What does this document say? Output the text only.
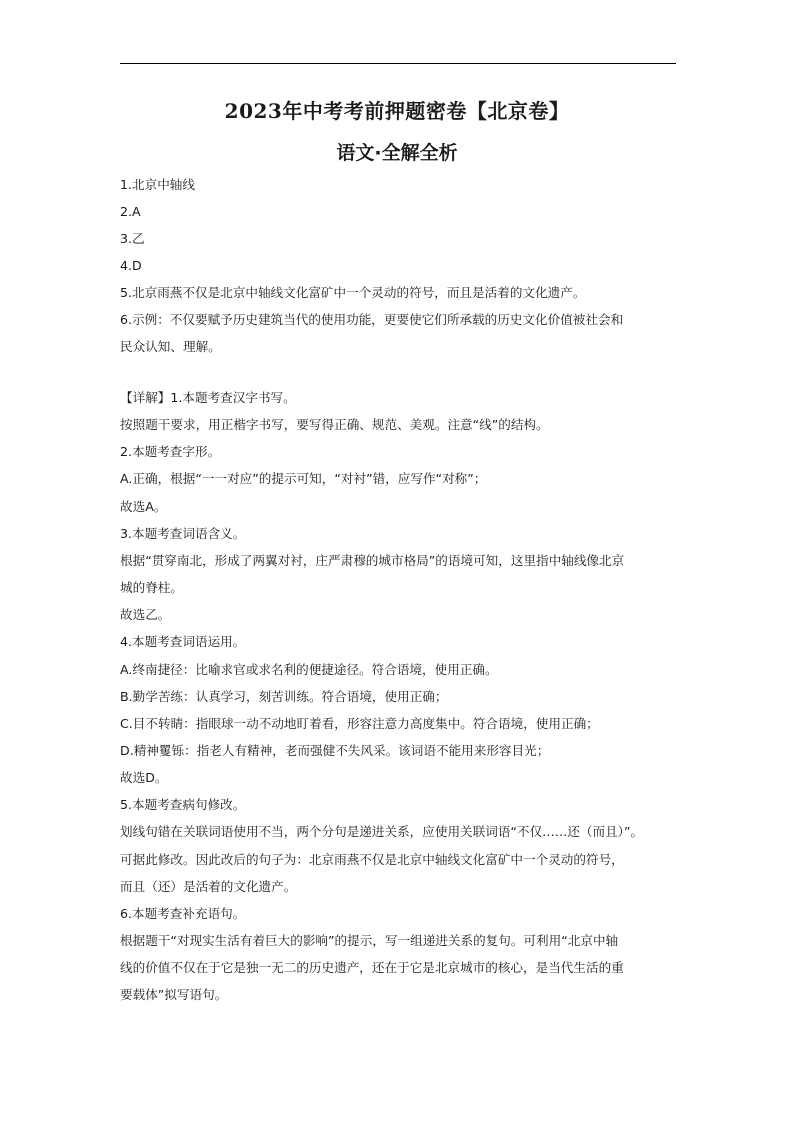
2023年中考考前押题密卷【北京卷】
语文·全解全析
1.北京中轴线
2.A
3.乙
4.D
5.北京雨燕不仅是北京中轴线文化富矿中一个灵动的符号，而且是活着的文化遗产。
6.示例：不仅要赋予历史建筑当代的使用功能，更要使它们所承载的历史文化价值被社会和
民众认知、理解。
【详解】1.本题考查汉字书写。
按照题干要求，用正楷字书写，要写得正确、规范、美观。注意“线”的结构。
2.本题考查字形。
A.正确，根据“一一对应”的提示可知，“对衬”错，应写作“对称”；
故选A。
3.本题考查词语含义。
根据“贯穿南北，形成了两翼对衬，庄严肃穆的城市格局”的语境可知，这里指中轴线像北京
城的脊柱。
故选乙。
4.本题考查词语运用。
A.终南捷径：比喻求官或求名利的便捷途径。符合语境，使用正确。
B.勤学苦练：认真学习，刻苦训练。符合语境，使用正确；
C.目不转睛：指眼球一动不动地盯着看，形容注意力高度集中。符合语境，使用正确；
D.精神矍铄：指老人有精神，老而强健不失风采。该词语不能用来形容目光；
故选D。
5.本题考查病句修改。
划线句错在关联词语使用不当，两个分句是递进关系，应使用关联词语“不仅……还（而且）”。
可据此修改。因此改后的句子为：北京雨燕不仅是北京中轴线文化富矿中一个灵动的符号，
而且（还）是活着的文化遗产。
6.本题考查补充语句。
根据题干“对现实生活有着巨大的影响”的提示，写一组递进关系的复句。可利用“北京中轴
线的价值不仅在于它是独一无二的历史遗产，还在于它是北京城市的核心，是当代生活的重
要载体”拟写语句。
